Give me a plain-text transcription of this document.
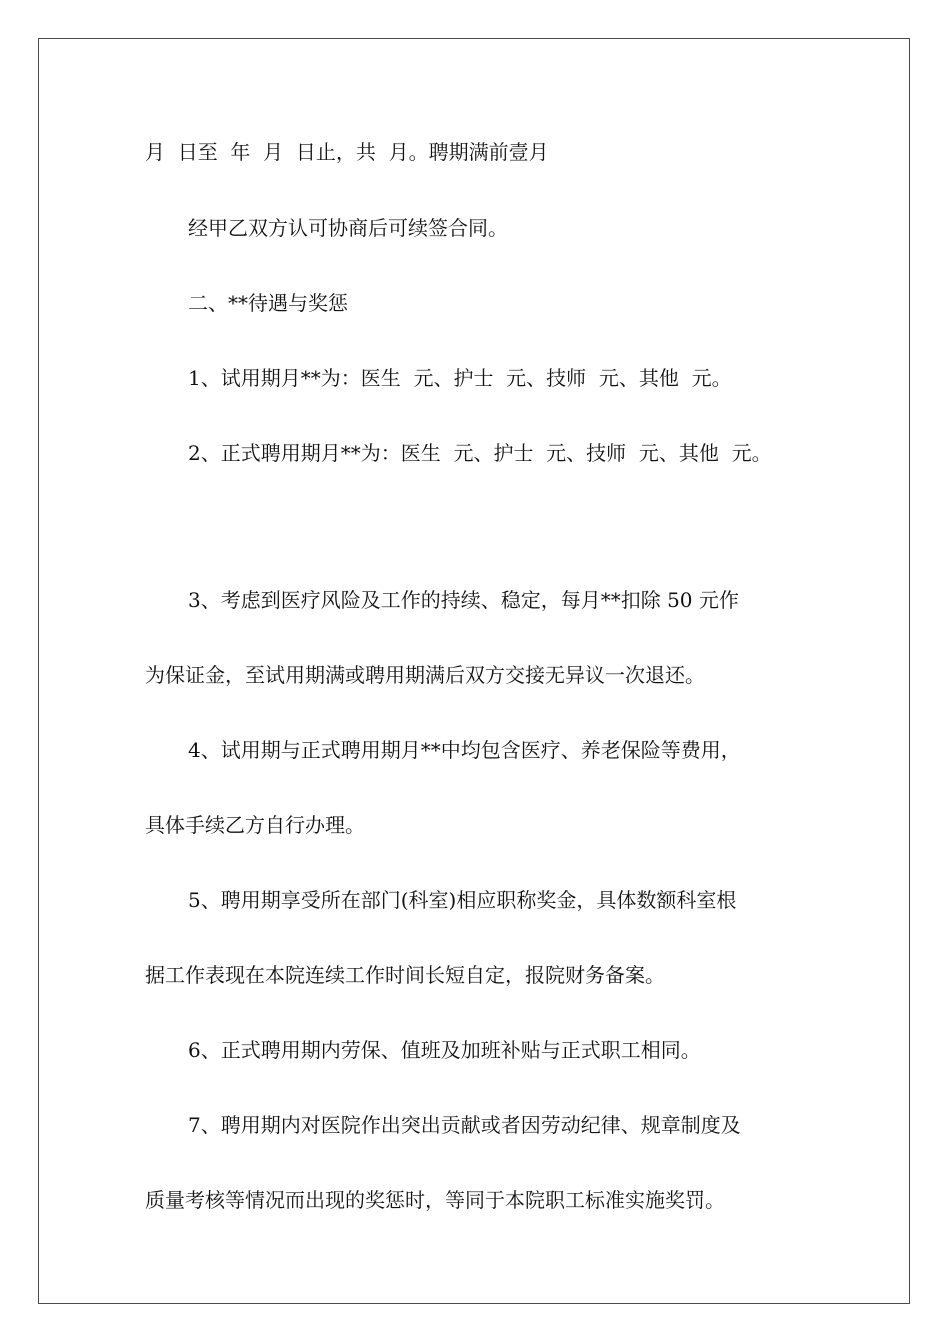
月  日至  年  月  日止，共  月。聘期满前壹月
经甲乙双方认可协商后可续签合同。
二、**待遇与奖惩
1、试用期月**为：医生  元、护士  元、技师  元、其他  元。
2、正式聘用期月**为：医生  元、护士  元、技师  元、其他  元。
3、考虑到医疗风险及工作的持续、稳定，每月**扣除 50 元作
为保证金，至试用期满或聘用期满后双方交接无异议一次退还。
4、试用期与正式聘用期月**中均包含医疗、养老保险等费用，
具体手续乙方自行办理。
5、聘用期享受所在部门(科室)相应职称奖金，具体数额科室根
据工作表现在本院连续工作时间长短自定，报院财务备案。
6、正式聘用期内劳保、值班及加班补贴与正式职工相同。
7、聘用期内对医院作出突出贡献或者因劳动纪律、规章制度及
质量考核等情况而出现的奖惩时，等同于本院职工标准实施奖罚。
